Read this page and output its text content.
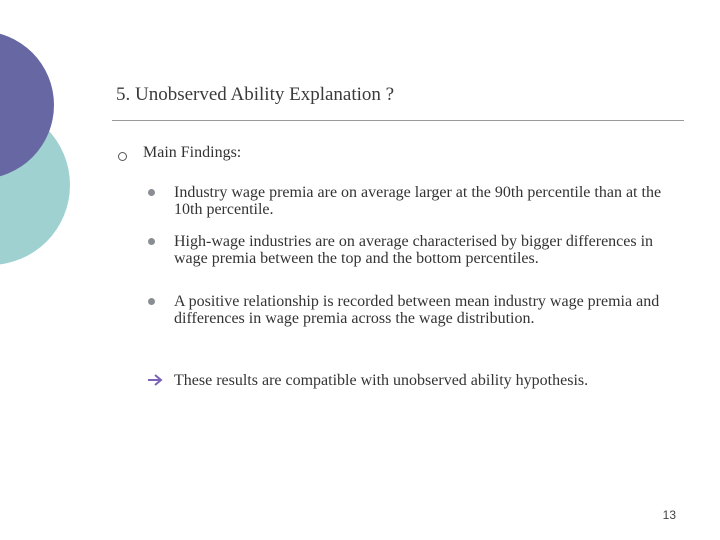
5. Unobserved Ability Explanation ?
Main Findings:
Industry wage premia are on average larger at the 90th percentile than at the 10th percentile.
High-wage industries are on average characterised by bigger differences in wage premia between the top and the bottom percentiles.
A positive relationship is recorded between mean industry wage premia and differences in wage premia across the wage distribution.
These results are compatible with unobserved ability hypothesis.
13
